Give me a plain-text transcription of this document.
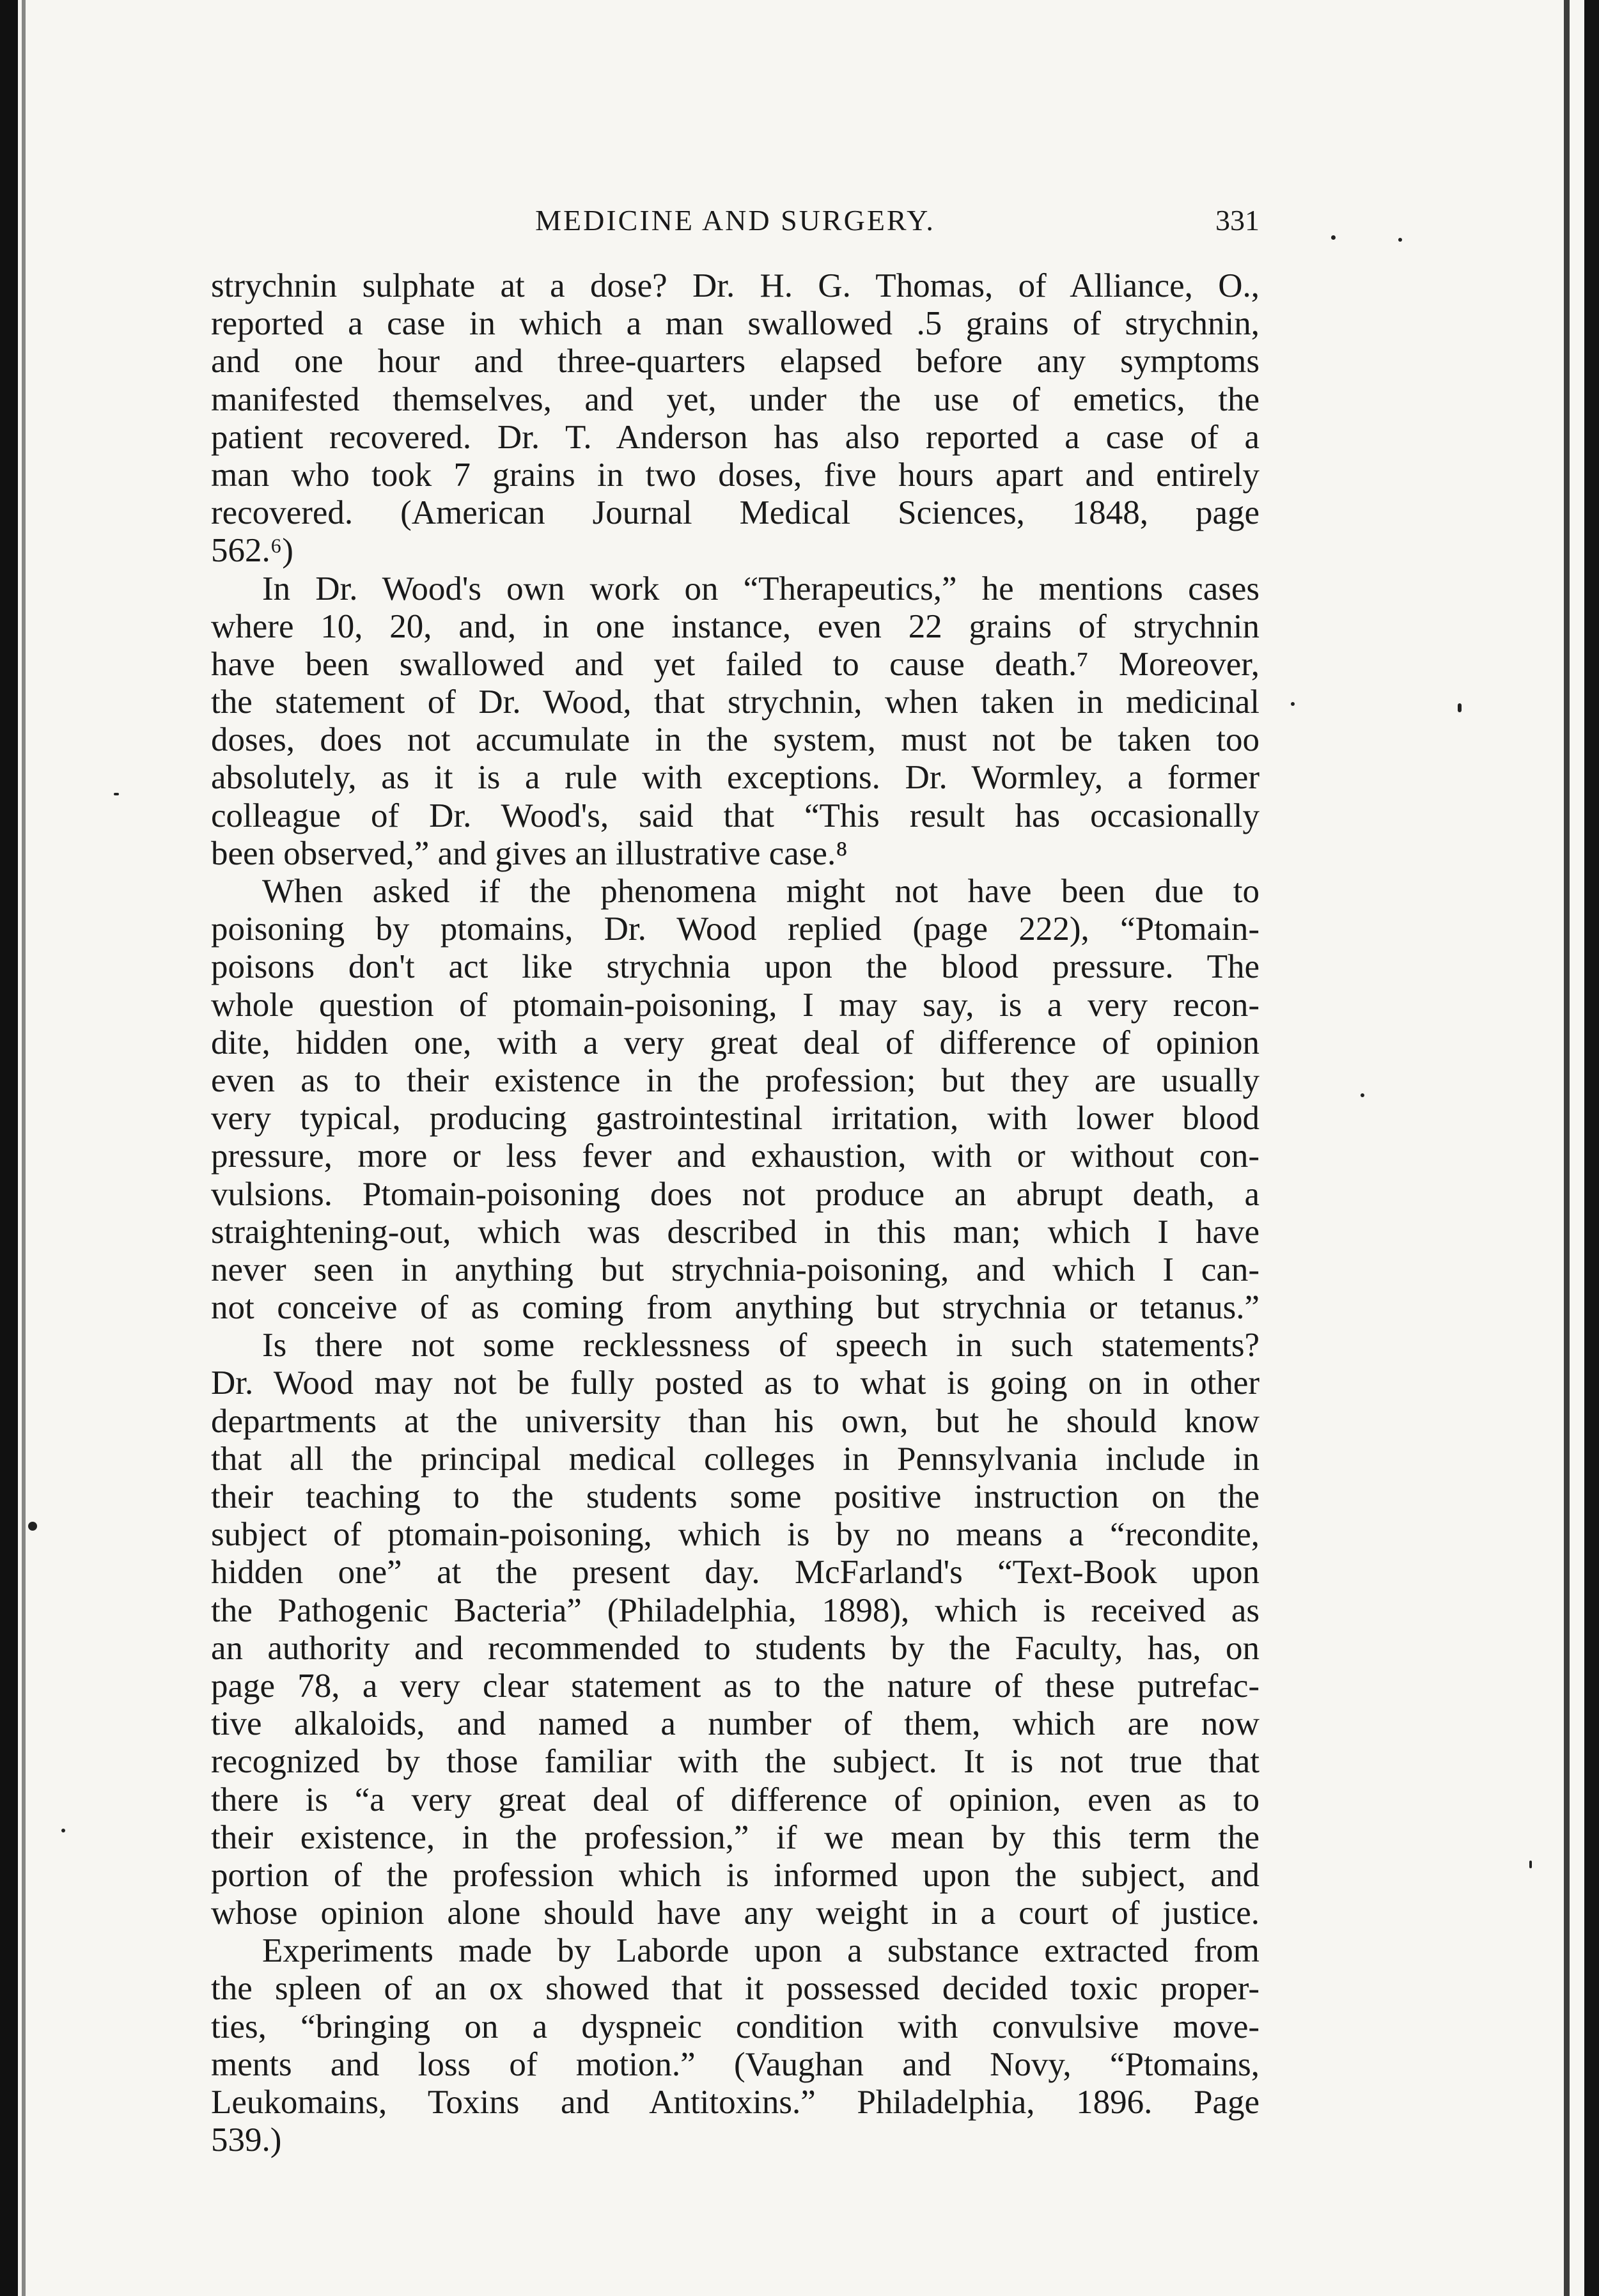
MEDICINE AND SURGERY.	331
strychnin sulphate at a dose? Dr. H. G. Thomas, of Alliance, O.,
reported a case in which a man swallowed .5 grains of strychnin,
and one hour and three-quarters elapsed before any symptoms
manifested themselves, and yet, under the use of emetics, the
patient recovered. Dr. T. Anderson has also reported a case of a
man who took 7 grains in two doses, five hours apart and entirely
recovered. (American Journal Medical Sciences, 1848, page
562.⁶)
In Dr. Wood's own work on “Therapeutics,” he mentions cases
where 10, 20, and, in one instance, even 22 grains of strychnin
have been swallowed and yet failed to cause death.⁷ Moreover,
the statement of Dr. Wood, that strychnin, when taken in medicinal
doses, does not accumulate in the system, must not be taken too
absolutely, as it is a rule with exceptions. Dr. Wormley, a former
colleague of Dr. Wood's, said that “This result has occasionally
been observed,” and gives an illustrative case.⁸
When asked if the phenomena might not have been due to
poisoning by ptomains, Dr. Wood replied (page 222), “Ptomain-
poisons don't act like strychnia upon the blood pressure. The
whole question of ptomain-poisoning, I may say, is a very recon-
dite, hidden one, with a very great deal of difference of opinion
even as to their existence in the profession; but they are usually
very typical, producing gastrointestinal irritation, with lower blood
pressure, more or less fever and exhaustion, with or without con-
vulsions. Ptomain-poisoning does not produce an abrupt death, a
straightening-out, which was described in this man; which I have
never seen in anything but strychnia-poisoning, and which I can-
not conceive of as coming from anything but strychnia or tetanus.”
Is there not some recklessness of speech in such statements?
Dr. Wood may not be fully posted as to what is going on in other
departments at the university than his own, but he should know
that all the principal medical colleges in Pennsylvania include in
their teaching to the students some positive instruction on the
subject of ptomain-poisoning, which is by no means a “recondite,
hidden one” at the present day. McFarland's “Text-Book upon
the Pathogenic Bacteria” (Philadelphia, 1898), which is received as
an authority and recommended to students by the Faculty, has, on
page 78, a very clear statement as to the nature of these putrefac-
tive alkaloids, and named a number of them, which are now
recognized by those familiar with the subject. It is not true that
there is “a very great deal of difference of opinion, even as to
their existence, in the profession,” if we mean by this term the
portion of the profession which is informed upon the subject, and
whose opinion alone should have any weight in a court of justice.
Experiments made by Laborde upon a substance extracted from
the spleen of an ox showed that it possessed decided toxic proper-
ties, “bringing on a dyspneic condition with convulsive move-
ments and loss of motion.” (Vaughan and Novy, “Ptomains,
Leukomains, Toxins and Antitoxins.” Philadelphia, 1896. Page
539.)
